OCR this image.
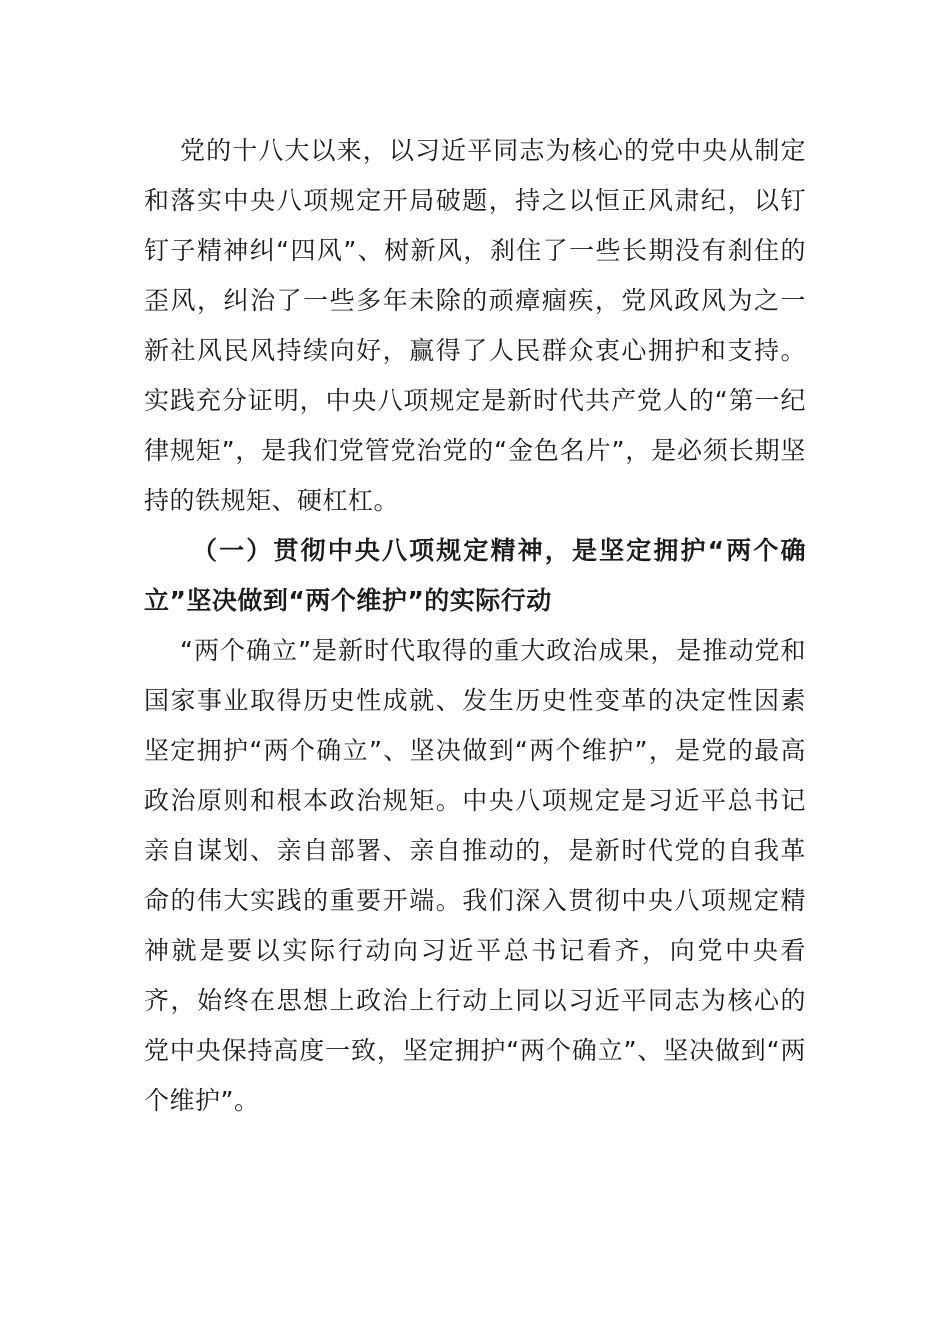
党的十八大以来，以习近平同志为核心的党中央从制定和落实中央八项规定开局破题，持之以恒正风肃纪，以钉钉子精神纠“四风”、树新风，刹住了一些长期没有刹住的歪风，纠治了一些多年未除的顽瘴痼疾，党风政风为之一新社风民风持续向好，赢得了人民群众衷心拥护和支持。实践充分证明，中央八项规定是新时代共产党人的“第一纪律规矩”，是我们党管党治党的“金色名片”，是必须长期坚持的铁规矩、硬杠杠。

（一）贯彻中央八项规定精神，是坚定拥护“两个确立”坚决做到“两个维护”的实际行动

“两个确立”是新时代取得的重大政治成果，是推动党和国家事业取得历史性成就、发生历史性变革的决定性因素坚定拥护“两个确立”、坚决做到“两个维护”，是党的最高政治原则和根本政治规矩。中央八项规定是习近平总书记亲自谋划、亲自部署、亲自推动的，是新时代党的自我革命的伟大实践的重要开端。我们深入贯彻中央八项规定精神就是要以实际行动向习近平总书记看齐，向党中央看齐，始终在思想上政治上行动上同以习近平同志为核心的党中央保持高度一致，坚定拥护“两个确立”、坚决做到“两个维护”。
